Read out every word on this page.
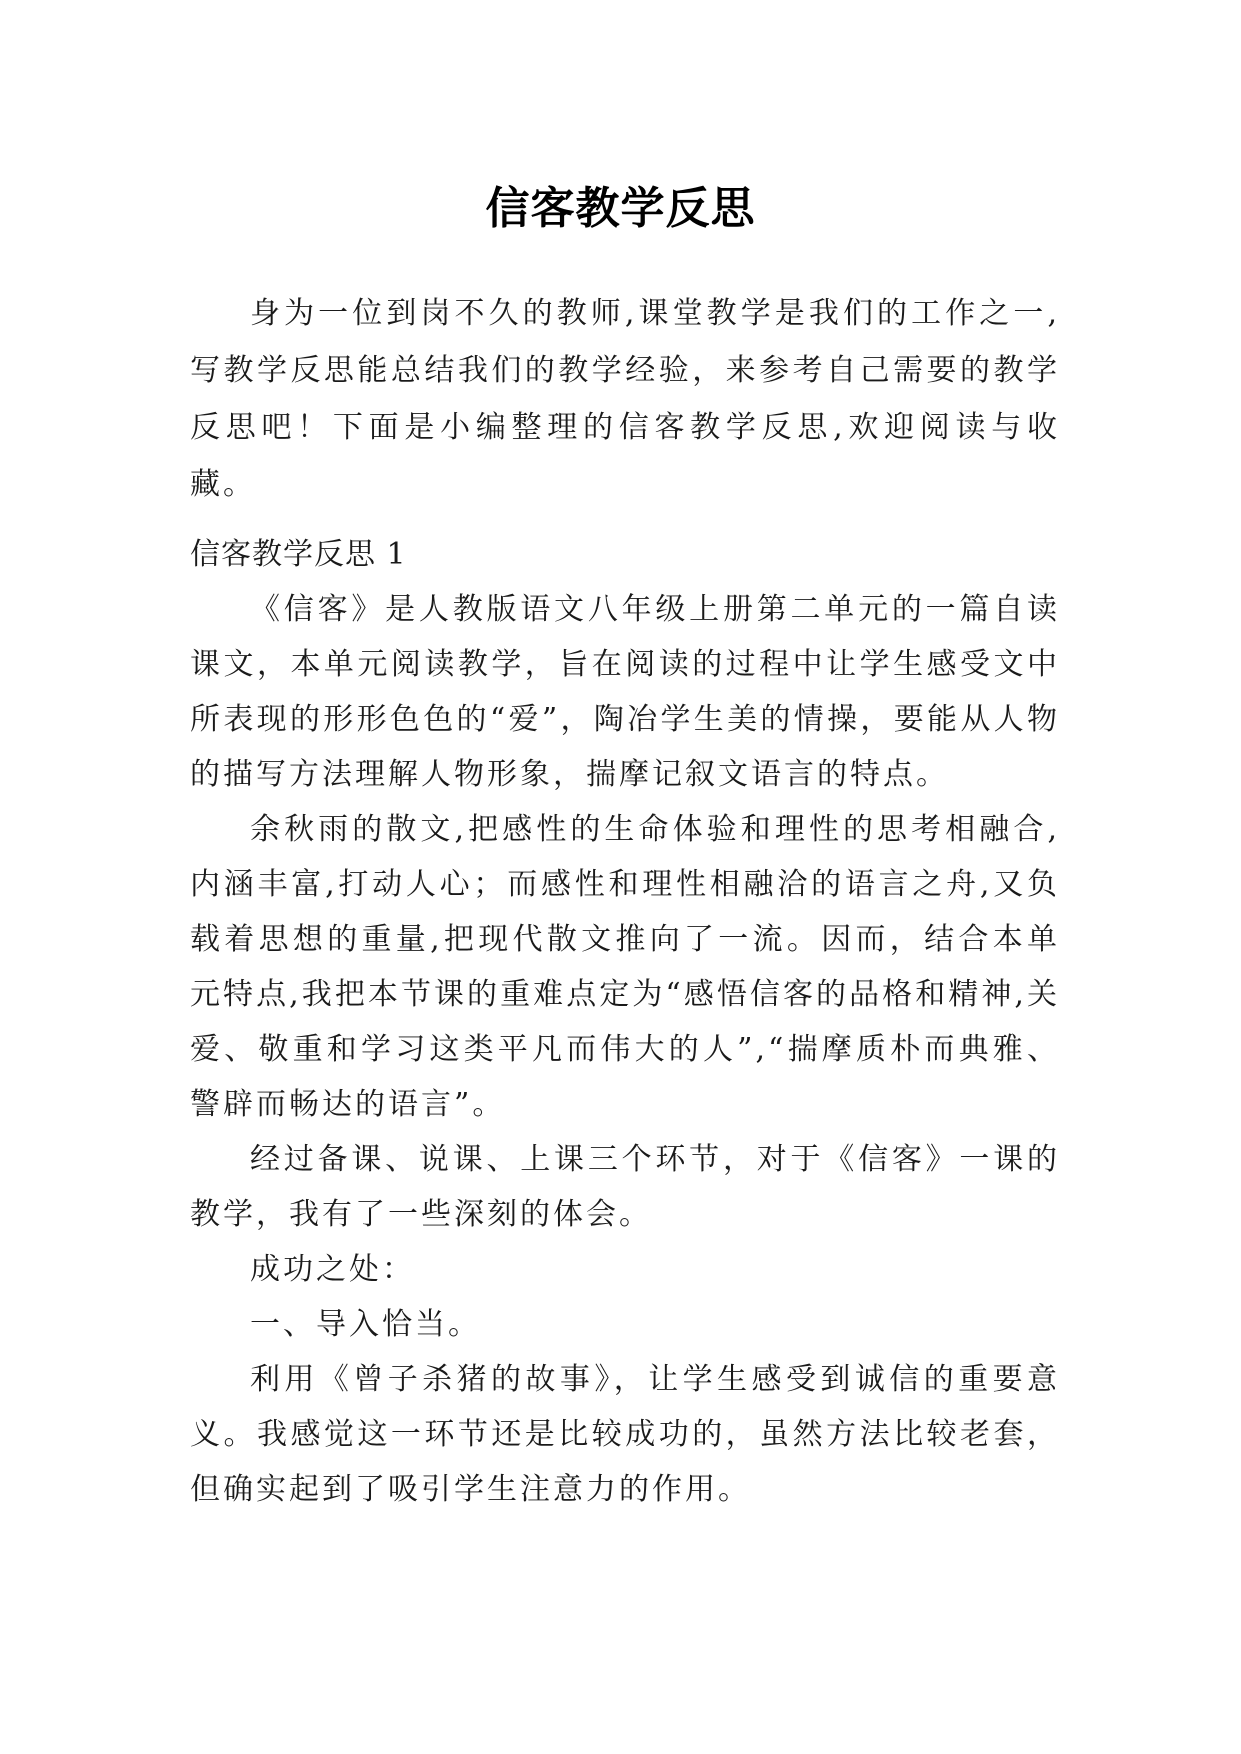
信客教学反思

身为一位到岗不久的教师,课堂教学是我们的工作之一,写教学反思能总结我们的教学经验，来参考自己需要的教学反思吧！下面是小编整理的信客教学反思,欢迎阅读与收藏。

信客教学反思 1

《信客》是人教版语文八年级上册第二单元的一篇自读课文，本单元阅读教学，旨在阅读的过程中让学生感受文中所表现的形形色色的“爱”，陶冶学生美的情操，要能从人物的描写方法理解人物形象，揣摩记叙文语言的特点。

余秋雨的散文,把感性的生命体验和理性的思考相融合,内涵丰富,打动人心；而感性和理性相融洽的语言之舟,又负载着思想的重量,把现代散文推向了一流。因而，结合本单元特点,我把本节课的重难点定为“感悟信客的品格和精神,关爱、敬重和学习这类平凡而伟大的人”,“揣摩质朴而典雅、警辟而畅达的语言”。

经过备课、说课、上课三个环节，对于《信客》一课的教学，我有了一些深刻的体会。

成功之处：

一、导入恰当。

利用《曾子杀猪的故事》，让学生感受到诚信的重要意义。我感觉这一环节还是比较成功的，虽然方法比较老套，但确实起到了吸引学生注意力的作用。
